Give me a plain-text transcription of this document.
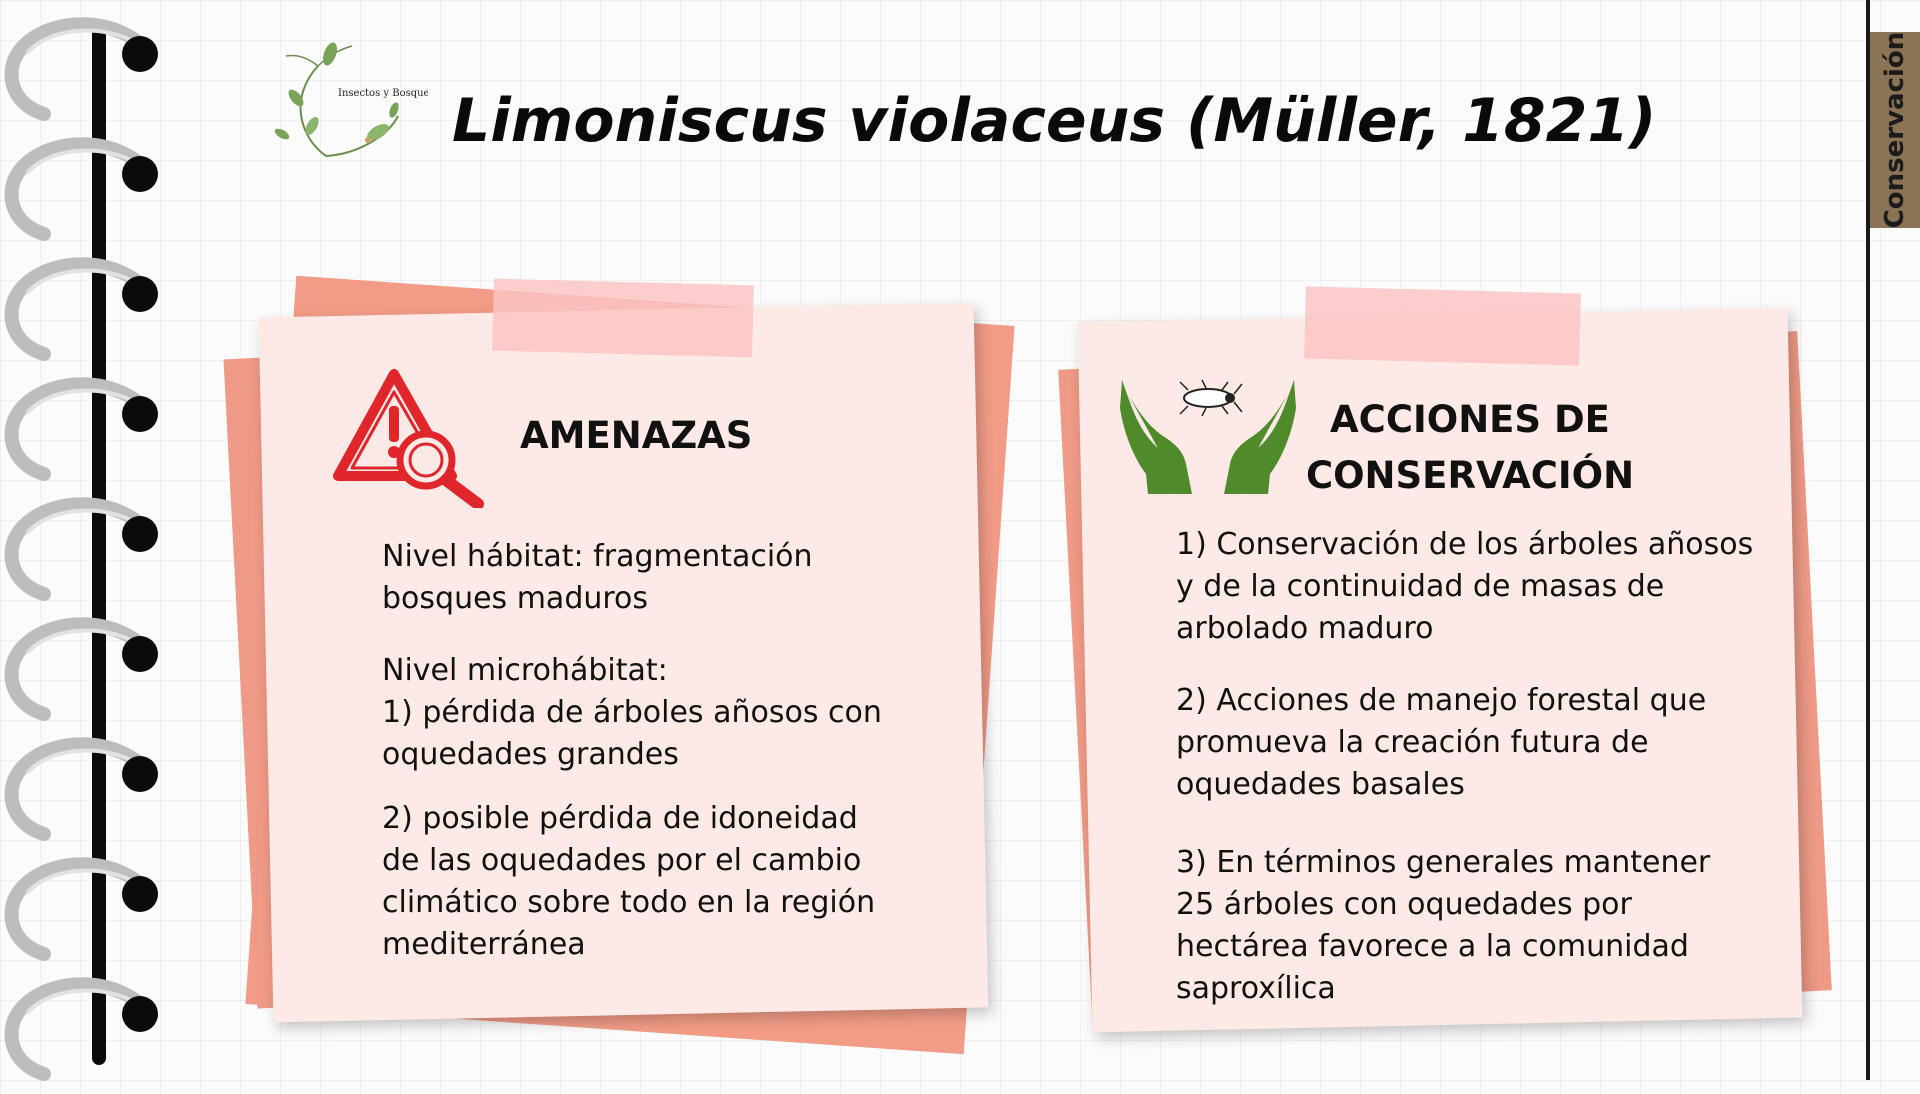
Conservación
Insectos y Bosque Limoniscus violaceus (Müller, 1821)
AMENAZAS

Nivel hábitat: fragmentación bosques maduros

Nivel microhábitat:

1) pérdida de árboles añosos con oquedades grandes

2) posible pérdida de idoneidad de las oquedades por el cambio climático sobre todo en la región mediterránea

ACCIONES DE
CONSERVACIÓN

1) Conservación de los árboles añosos y de la continuidad de masas de arbolado maduro

2) Acciones de manejo forestal que promueva la creación futura de oquedades basales

3) En términos generales mantener 25 árboles con oquedades por hectárea favorece a la comunidad saproxílica
